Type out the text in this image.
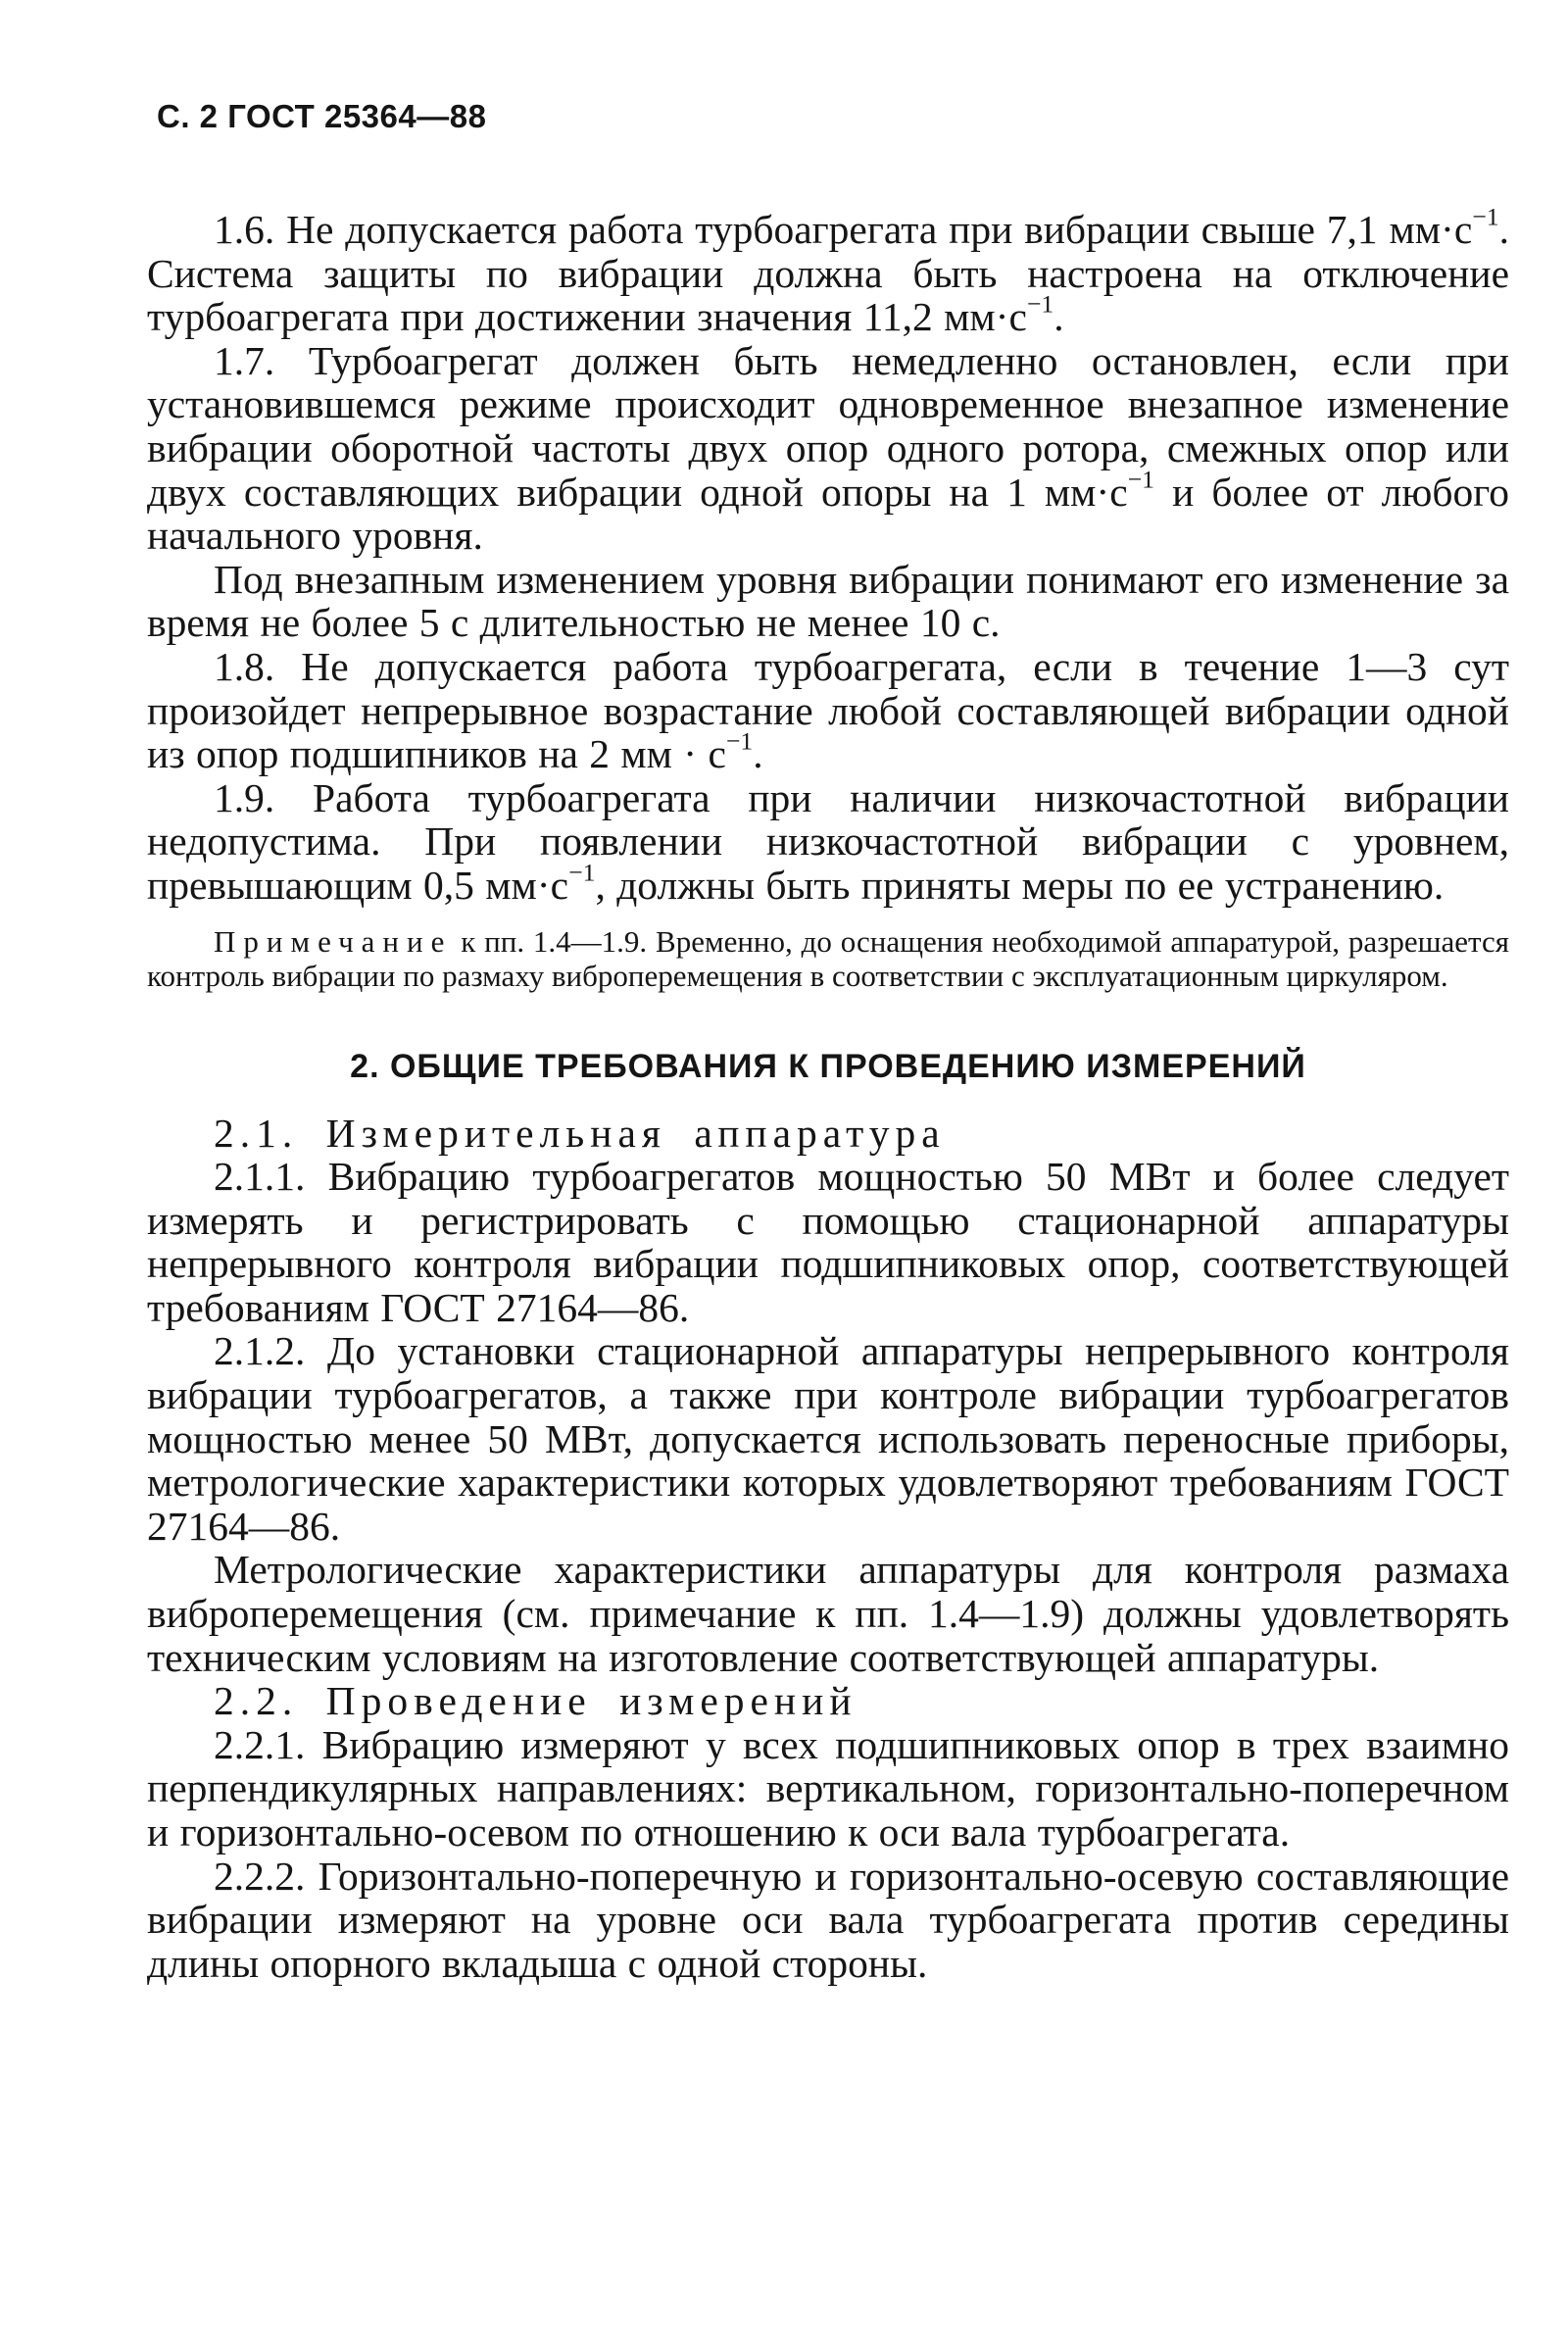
С. 2 ГОСТ 25364—88

1.6. Не допускается работа турбоагрегата при вибрации свыше 7,1 $мм\cdot с^{-1}$. Система защиты по вибрации должна быть настроена на отключение турбоагрегата при достижении значения 11,2 $мм\cdot с^{-1}$.

1.7. Турбоагрегат должен быть немедленно остановлен, если при установившемся режиме происходит одновременное внезапное изменение вибрации оборотной частоты двух опор одного ротора, смежных опор или двух составляющих вибрации одной опоры на 1 $мм\cdot с^{-1}$ и более от любого начального уровня.

Под внезапным изменением уровня вибрации понимают его изменение за время не более 5 с длительностью не менее 10 с.

1.8. Не допускается работа турбоагрегата, если в течение 1—3 сут произойдет непрерывное возрастание любой составляющей вибрации одной из опор подшипников на 2 мм · $с^{-1}$.

1.9. Работа турбоагрегата при наличии низкочастотной вибрации недопустима. При появлении низкочастотной вибрации с уровнем, превышающим 0,5 $мм\cdot с^{-1}$, должны быть приняты меры по ее устранению.

Примечание к пп. 1.4—1.9. Временно, до оснащения необходимой аппаратурой, разрешается контроль вибрации по размаху виброперемещения в соответствии с эксплуатационным циркуляром.

2. ОБЩИЕ ТРЕБОВАНИЯ К ПРОВЕДЕНИЮ ИЗМЕРЕНИЙ

2.1. Измерительная аппаратура

2.1.1. Вибрацию турбоагрегатов мощностью 50 МВт и более следует измерять и регистрировать с помощью стационарной аппаратуры непрерывного контроля вибрации подшипниковых опор, соответствующей требованиям ГОСТ 27164—86.

2.1.2. До установки стационарной аппаратуры непрерывного контроля вибрации турбоагрегатов, а также при контроле вибрации турбоагрегатов мощностью менее 50 МВт, допускается использовать переносные приборы, метрологические характеристики которых удовлетворяют требованиям ГОСТ 27164—86.

Метрологические характеристики аппаратуры для контроля размаха виброперемещения (см. примечание к пп. 1.4—1.9) должны удовлетворять техническим условиям на изготовление соответствующей аппаратуры.

2.2. Проведение измерений

2.2.1. Вибрацию измеряют у всех подшипниковых опор в трех взаимно перпендикулярных направлениях: вертикальном, горизонтально-поперечном и горизонтально-осевом по отношению к оси вала турбоагрегата.

2.2.2. Горизонтально-поперечную и горизонтально-осевую составляющие вибрации измеряют на уровне оси вала турбоагрегата против середины длины опорного вкладыша с одной стороны.
